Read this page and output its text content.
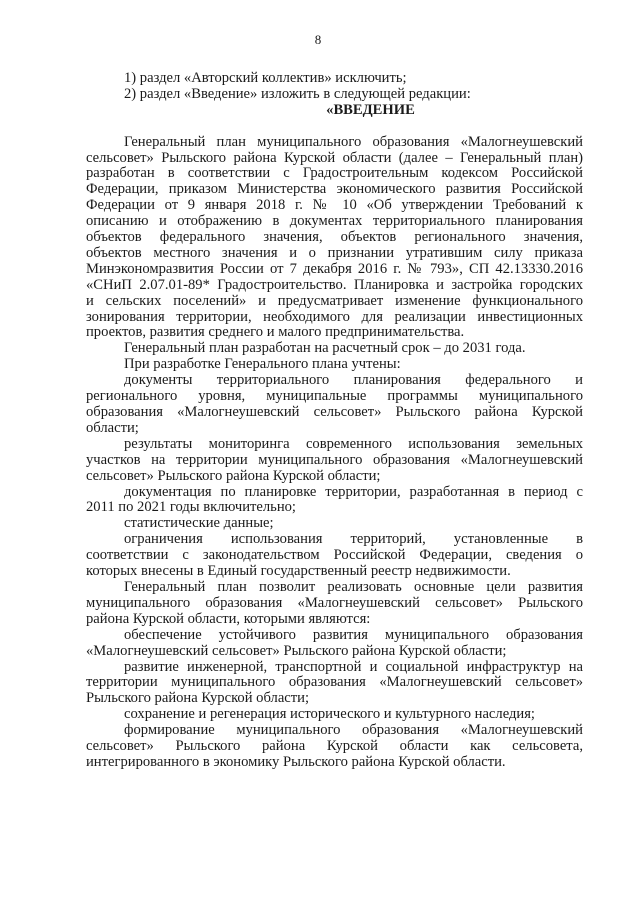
8

1) раздел «Авторский коллектив» исключить;

2) раздел «Введение» изложить в следующей редакции:

«ВВЕДЕНИЕ

Генеральный план муниципального образования «Малогнеушевский

сельсовет» Рыльского района Курской области (далее – Генеральный план)

разработан в соответствии с Градостроительным кодексом Российской

Федерации, приказом Министерства экономического развития Российской

Федерации от 9 января 2018 г. № 10 «Об утверждении Требований к

описанию и отображению в документах территориального планирования

объектов федерального значения, объектов регионального значения,

объектов местного значения и о признании утратившим силу приказа

Минэкономразвития России от 7 декабря 2016 г. № 793», СП 42.13330.2016

«СНиП 2.07.01-89* Градостроительство. Планировка и застройка городских

и сельских поселений» и предусматривает изменение функционального

зонирования территории, необходимого для реализации инвестиционных

проектов, развития среднего и малого предпринимательства.

Генеральный план разработан на расчетный срок – до 2031 года.

При разработке Генерального плана учтены:

документы территориального планирования федерального и

регионального уровня, муниципальные программы муниципального

образования «Малогнеушевский сельсовет» Рыльского района Курской

области;

результаты мониторинга современного использования земельных

участков на территории муниципального образования «Малогнеушевский

сельсовет» Рыльского района Курской области;

документация по планировке территории, разработанная в период с

2011 по 2021 годы включительно;

статистические данные;

ограничения использования территорий, установленные в

соответствии с законодательством Российской Федерации, сведения о

которых внесены в Единый государственный реестр недвижимости.

Генеральный план позволит реализовать основные цели развития

муниципального образования «Малогнеушевский сельсовет» Рыльского

района Курской области, которыми являются:

обеспечение устойчивого развития муниципального образования

«Малогнеушевский сельсовет» Рыльского района Курской области;

развитие инженерной, транспортной и социальной инфраструктур на

территории муниципального образования «Малогнеушевский сельсовет»

Рыльского района Курской области;

сохранение и регенерация исторического и культурного наследия;

формирование муниципального образования «Малогнеушевский

сельсовет» Рыльского района Курской области как сельсовета,

интегрированного в экономику Рыльского района Курской области.
